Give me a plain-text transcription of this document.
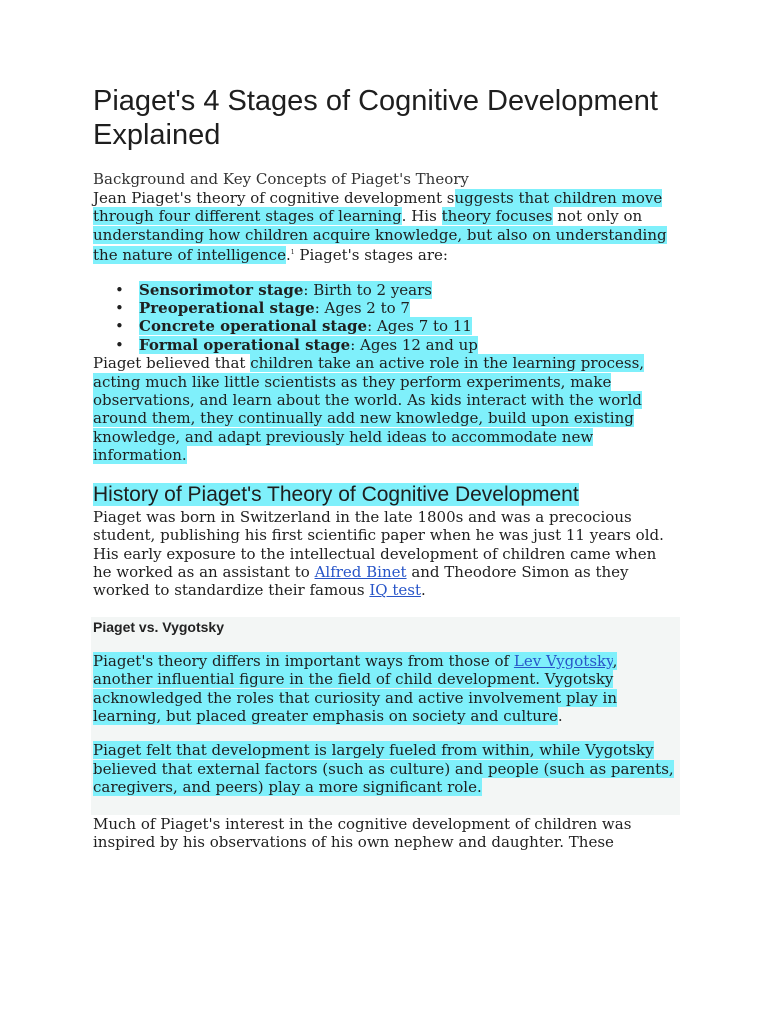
Piaget's 4 Stages of Cognitive Development Explained
Background and Key Concepts of Piaget's Theory

Jean Piaget's theory of cognitive development suggests that children move through four different stages of learning. His theory focuses not only on understanding how children acquire knowledge, but also on understanding the nature of intelligence.$^1$ Piaget's stages are:

• Sensorimotor stage: Birth to 2 years
• Preoperational stage: Ages 2 to 7
• Concrete operational stage: Ages 7 to 11
• Formal operational stage: Ages 12 and up

Piaget believed that children take an active role in the learning process, acting much like little scientists as they perform experiments, make observations, and learn about the world. As kids interact with the world around them, they continually add new knowledge, build upon existing knowledge, and adapt previously held ideas to accommodate new information.

History of Piaget's Theory of Cognitive Development

Piaget was born in Switzerland in the late 1800s and was a precocious student, publishing his first scientific paper when he was just 11 years old. His early exposure to the intellectual development of children came when he worked as an assistant to Alfred Binet and Theodore Simon as they worked to standardize their famous IQ test.

Piaget vs. Vygotsky

Piaget's theory differs in important ways from those of Lev Vygotsky, another influential figure in the field of child development. Vygotsky acknowledged the roles that curiosity and active involvement play in learning, but placed greater emphasis on society and culture.

Piaget felt that development is largely fueled from within, while Vygotsky believed that external factors (such as culture) and people (such as parents, caregivers, and peers) play a more significant role.

Much of Piaget's interest in the cognitive development of children was inspired by his observations of his own nephew and daughter. These
